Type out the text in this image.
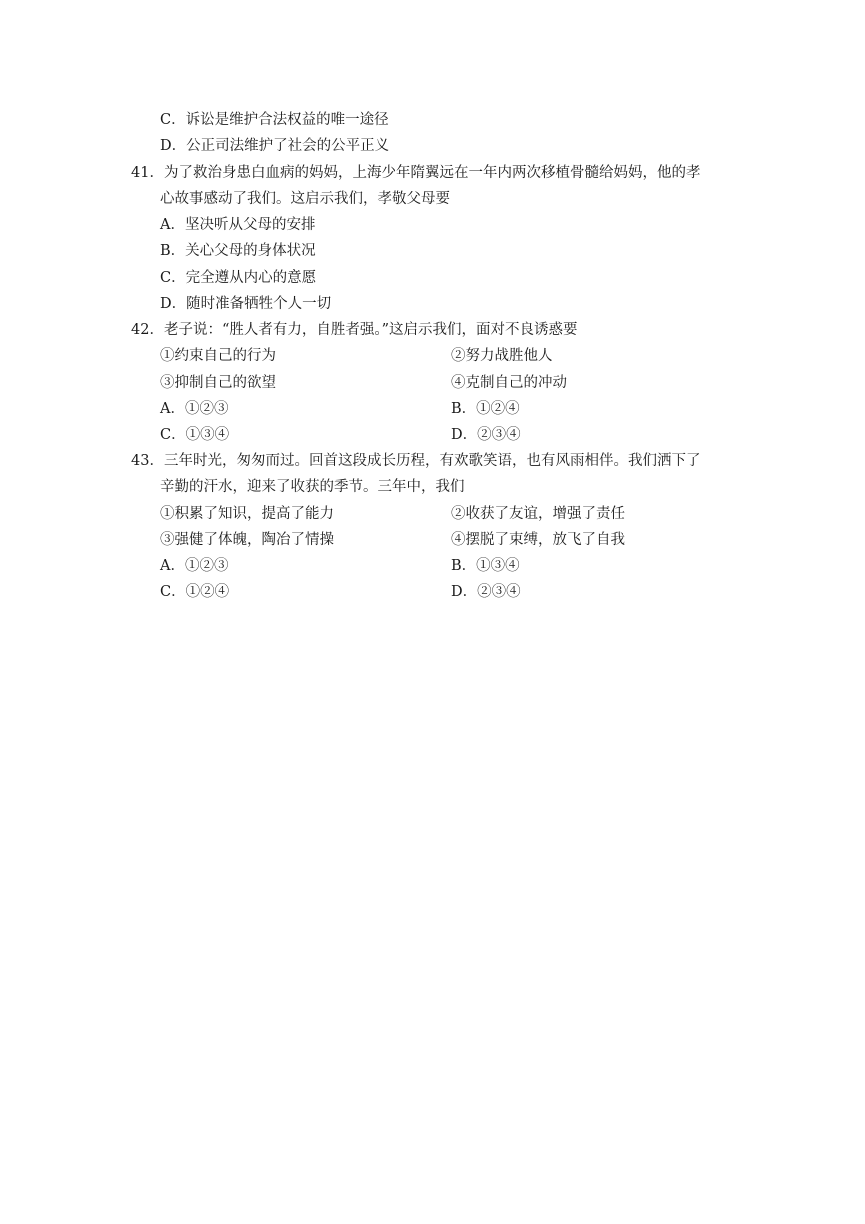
C．诉讼是维护合法权益的唯一途径
D．公正司法维护了社会的公平正义
41．为了救治身患白血病的妈妈，上海少年隋翼远在一年内两次移植骨髓给妈妈，他的孝
心故事感动了我们。这启示我们，孝敬父母要
A．坚决听从父母的安排
B．关心父母的身体状况
C．完全遵从内心的意愿
D．随时准备牺牲个人一切
42．老子说：“胜人者有力，自胜者强。”这启示我们，面对不良诱惑要
①约束自己的行为	②努力战胜他人
③抑制自己的欲望	④克制自己的冲动
A．①②③	B．①②④
C．①③④	D．②③④
43．三年时光，匆匆而过。回首这段成长历程，有欢歌笑语，也有风雨相伴。我们洒下了
辛勤的汗水，迎来了收获的季节。三年中，我们
①积累了知识，提高了能力	②收获了友谊，增强了责任
③强健了体魄，陶冶了情操	④摆脱了束缚，放飞了自我
A．①②③	B．①③④
C．①②④	D．②③④
